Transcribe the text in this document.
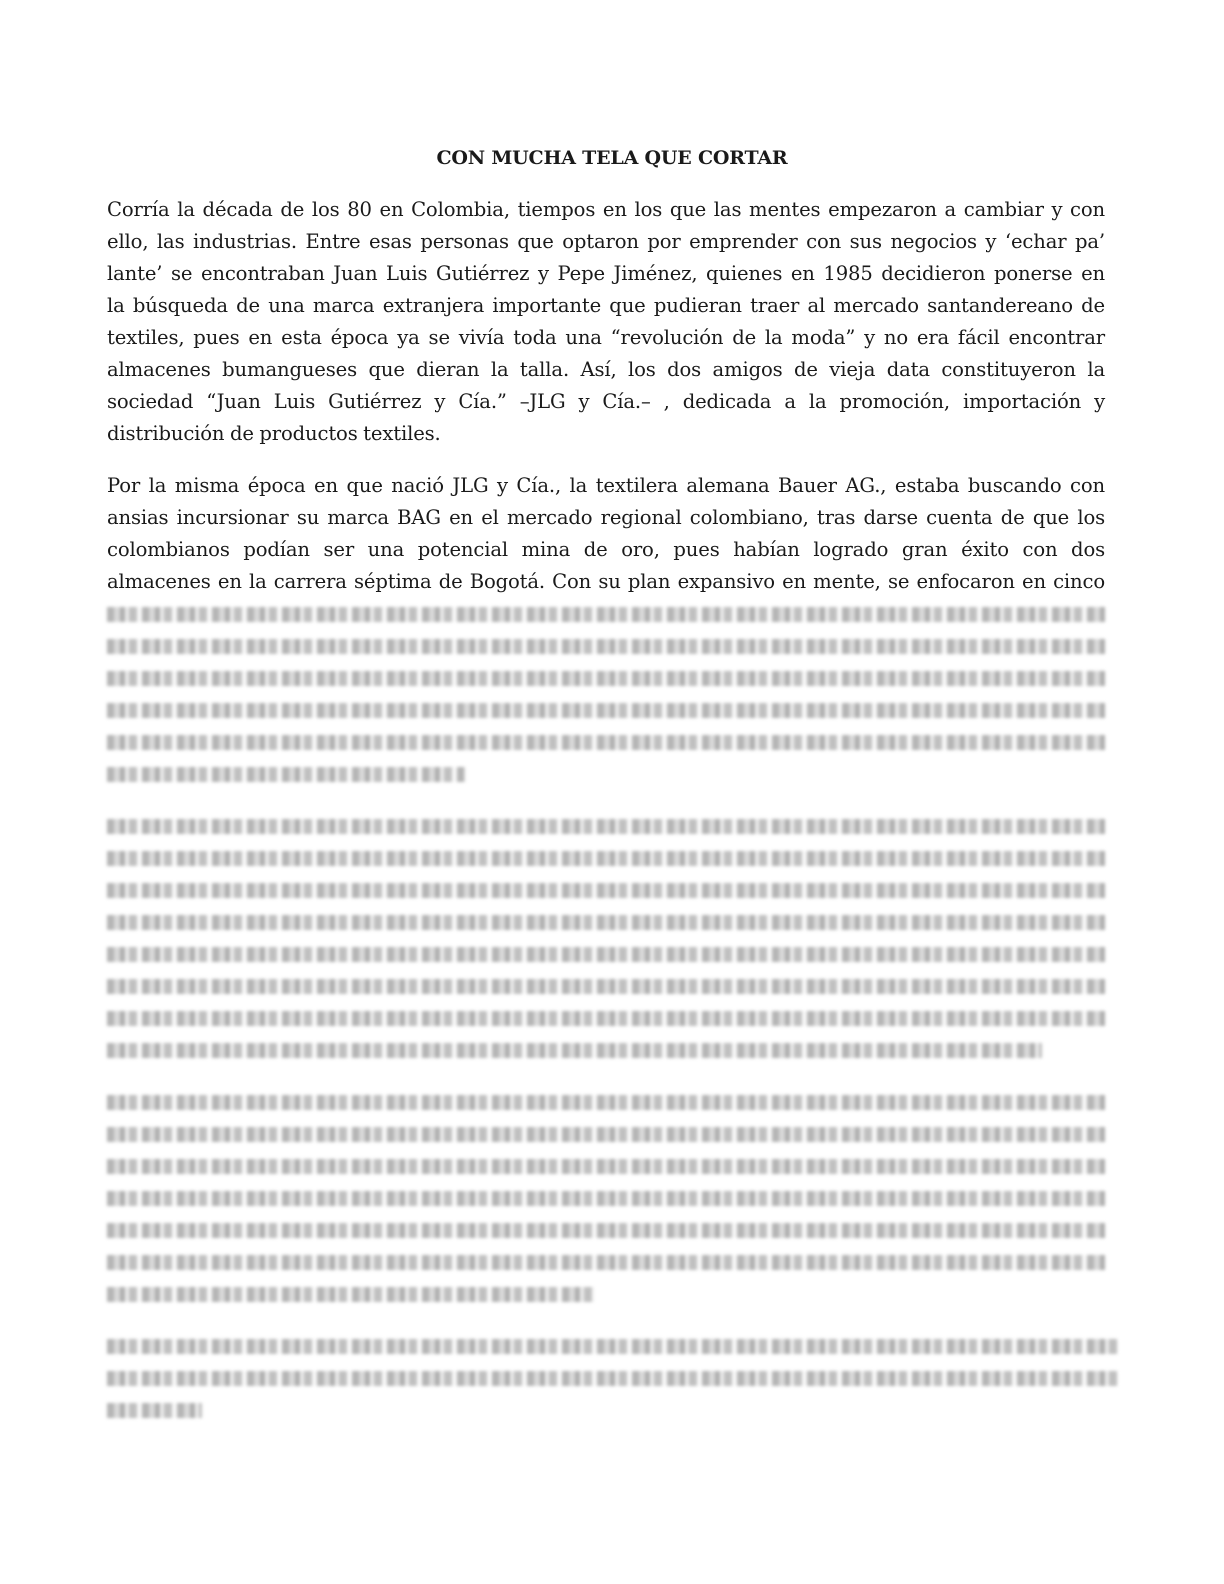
CON MUCHA TELA QUE CORTAR
Corría la década de los 80 en Colombia, tiempos en los que las mentes empezaron a cambiar y con
ello, las industrias. Entre esas personas que optaron por emprender con sus negocios y ‘echar pa’
lante’ se encontraban Juan Luis Gutiérrez y Pepe Jiménez, quienes en 1985 decidieron ponerse en
la búsqueda de una marca extranjera importante que pudieran traer al mercado santandereano de
textiles, pues en esta época ya se vivía toda una “revolución de la moda” y no era fácil encontrar
almacenes bumangueses que dieran la talla. Así, los dos amigos de vieja data constituyeron la
sociedad “Juan Luis Gutiérrez y Cía.” –JLG y Cía.– , dedicada a la promoción, importación y
distribución de productos textiles.
Por la misma época en que nació JLG y Cía., la textilera alemana Bauer AG., estaba buscando con
ansias incursionar su marca BAG en el mercado regional colombiano, tras darse cuenta de que los
colombianos podían ser una potencial mina de oro, pues habían logrado gran éxito con dos
almacenes en la carrera séptima de Bogotá. Con su plan expansivo en mente, se enfocaron en cinco
